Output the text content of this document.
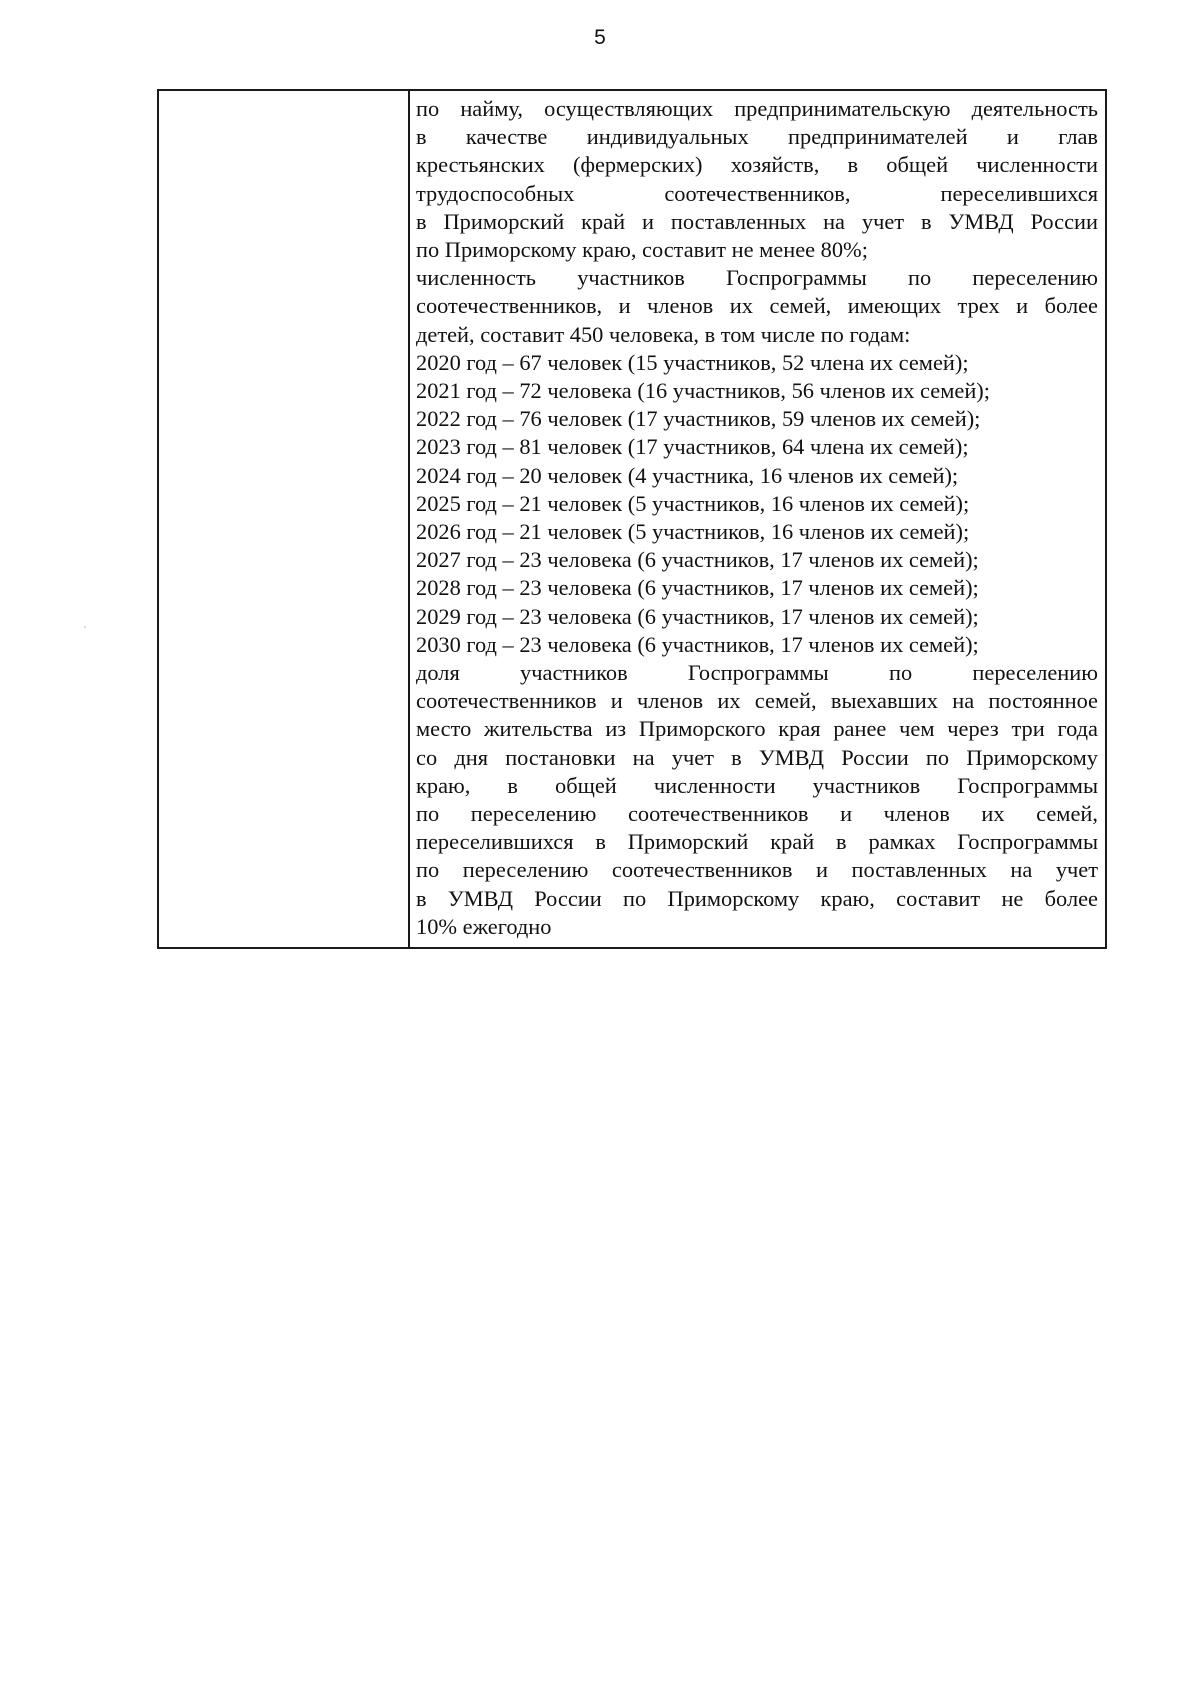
5

по найму, осуществляющих предпринимательскую деятельность
в качестве индивидуальных предпринимателей и глав
крестьянских (фермерских) хозяйств, в общей численности
трудоспособных соотечественников, переселившихся
в Приморский край и поставленных на учет в УМВД России
по Приморскому краю, составит не менее 80%;
численность участников Госпрограммы по переселению
соотечественников, и членов их семей, имеющих трех и более
детей, составит 450 человека, в том числе по годам:
2020 год – 67 человек (15 участников, 52 члена их семей);
2021 год – 72 человека (16 участников, 56 членов их семей);
2022 год – 76 человек (17 участников, 59 членов их семей);
2023 год – 81 человек (17 участников, 64 члена их семей);
2024 год – 20 человек (4 участника, 16 членов их семей);
2025 год – 21 человек (5 участников, 16 членов их семей);
2026 год – 21 человек (5 участников, 16 членов их семей);
2027 год – 23 человека (6 участников, 17 членов их семей);
2028 год – 23 человека (6 участников, 17 членов их семей);
2029 год – 23 человека (6 участников, 17 членов их семей);
2030 год – 23 человека (6 участников, 17 членов их семей);
доля участников Госпрограммы по переселению
соотечественников и членов их семей, выехавших на постоянное
место жительства из Приморского края ранее чем через три года
со дня постановки на учет в УМВД России по Приморскому
краю, в общей численности участников Госпрограммы
по переселению соотечественников и членов их семей,
переселившихся в Приморский край в рамках Госпрограммы
по переселению соотечественников и поставленных на учет
в УМВД России по Приморскому краю, составит не более
10% ежегодно
